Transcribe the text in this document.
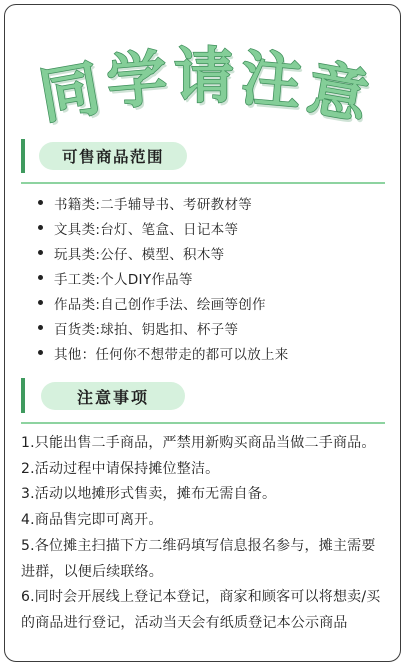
同
学 请 注
意
可售商品范围
书籍类:二手辅导书、考研教材等
文具类:台灯、笔盒、日记本等
玩具类:公仔、模型、积木等
手工类:个人DIY作品等
作品类:自己创作手法、绘画等创作
百货类:球拍、钥匙扣、杯子等
其他：任何你不想带走的都可以放上来
注意事项
1.只能出售二手商品，严禁用新购买商品当做二手商品。
2.活动过程中请保持摊位整洁。
3.活动以地摊形式售卖，摊布无需自备。
4.商品售完即可离开。
5.各位摊主扫描下方二维码填写信息报名参与，摊主需要进群，以便后续联络。
6.同时会开展线上登记本登记，商家和顾客可以将想卖/买的商品进行登记，活动当天会有纸质登记本公示商品
